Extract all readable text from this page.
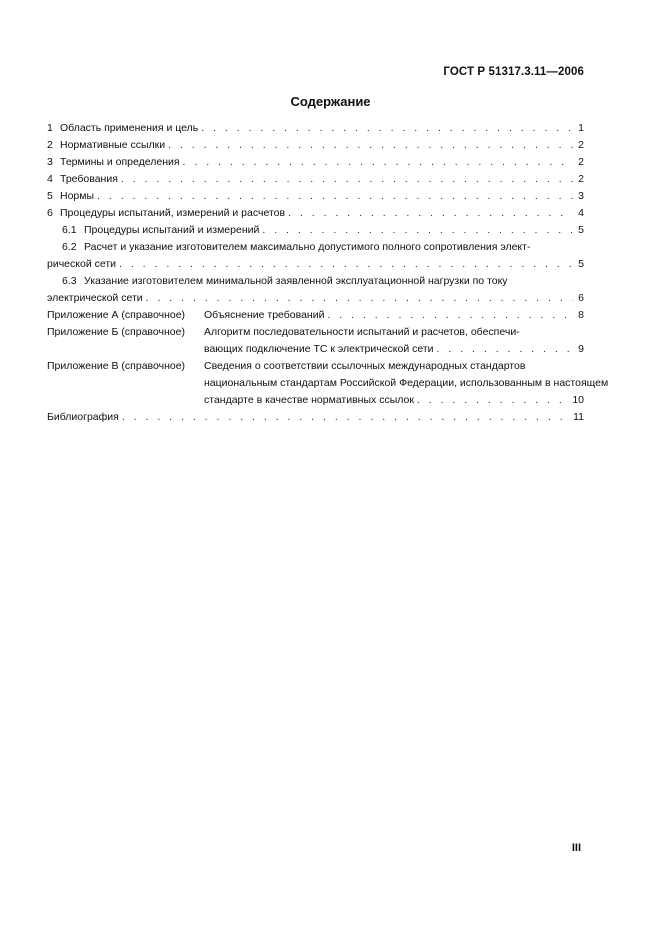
ГОСТ Р 51317.3.11—2006
Содержание
1 Область применения и цель . . .	1
2 Нормативные ссылки . . .	2
3 Термины и определения . . .	2
4 Требования . . .	2
5 Нормы . . .	3
6 Процедуры испытаний, измерений и расчетов . . .	4
6.1 Процедуры испытаний и измерений . . .	5
6.2 Расчет и указание изготовителем максимально допустимого полного сопротивления элект-
рической сети . . .	5
6.3 Указание изготовителем минимальной заявленной эксплуатационной нагрузки по току
электрической сети . . .	6
Приложение А (справочное)	Объяснение требований . . .	8
Приложение Б (справочное)	Алгоритм последовательности испытаний и расчетов, обеспечи-
вающих подключение ТС к электрической сети . . .	9
Приложение В (справочное)	Сведения о соответствии ссылочных международных стандартов
национальным стандартам Российской Федерации, использованным в настоящем
стандарте в качестве нормативных ссылок . . .	10
Библиография . . .	11
III
